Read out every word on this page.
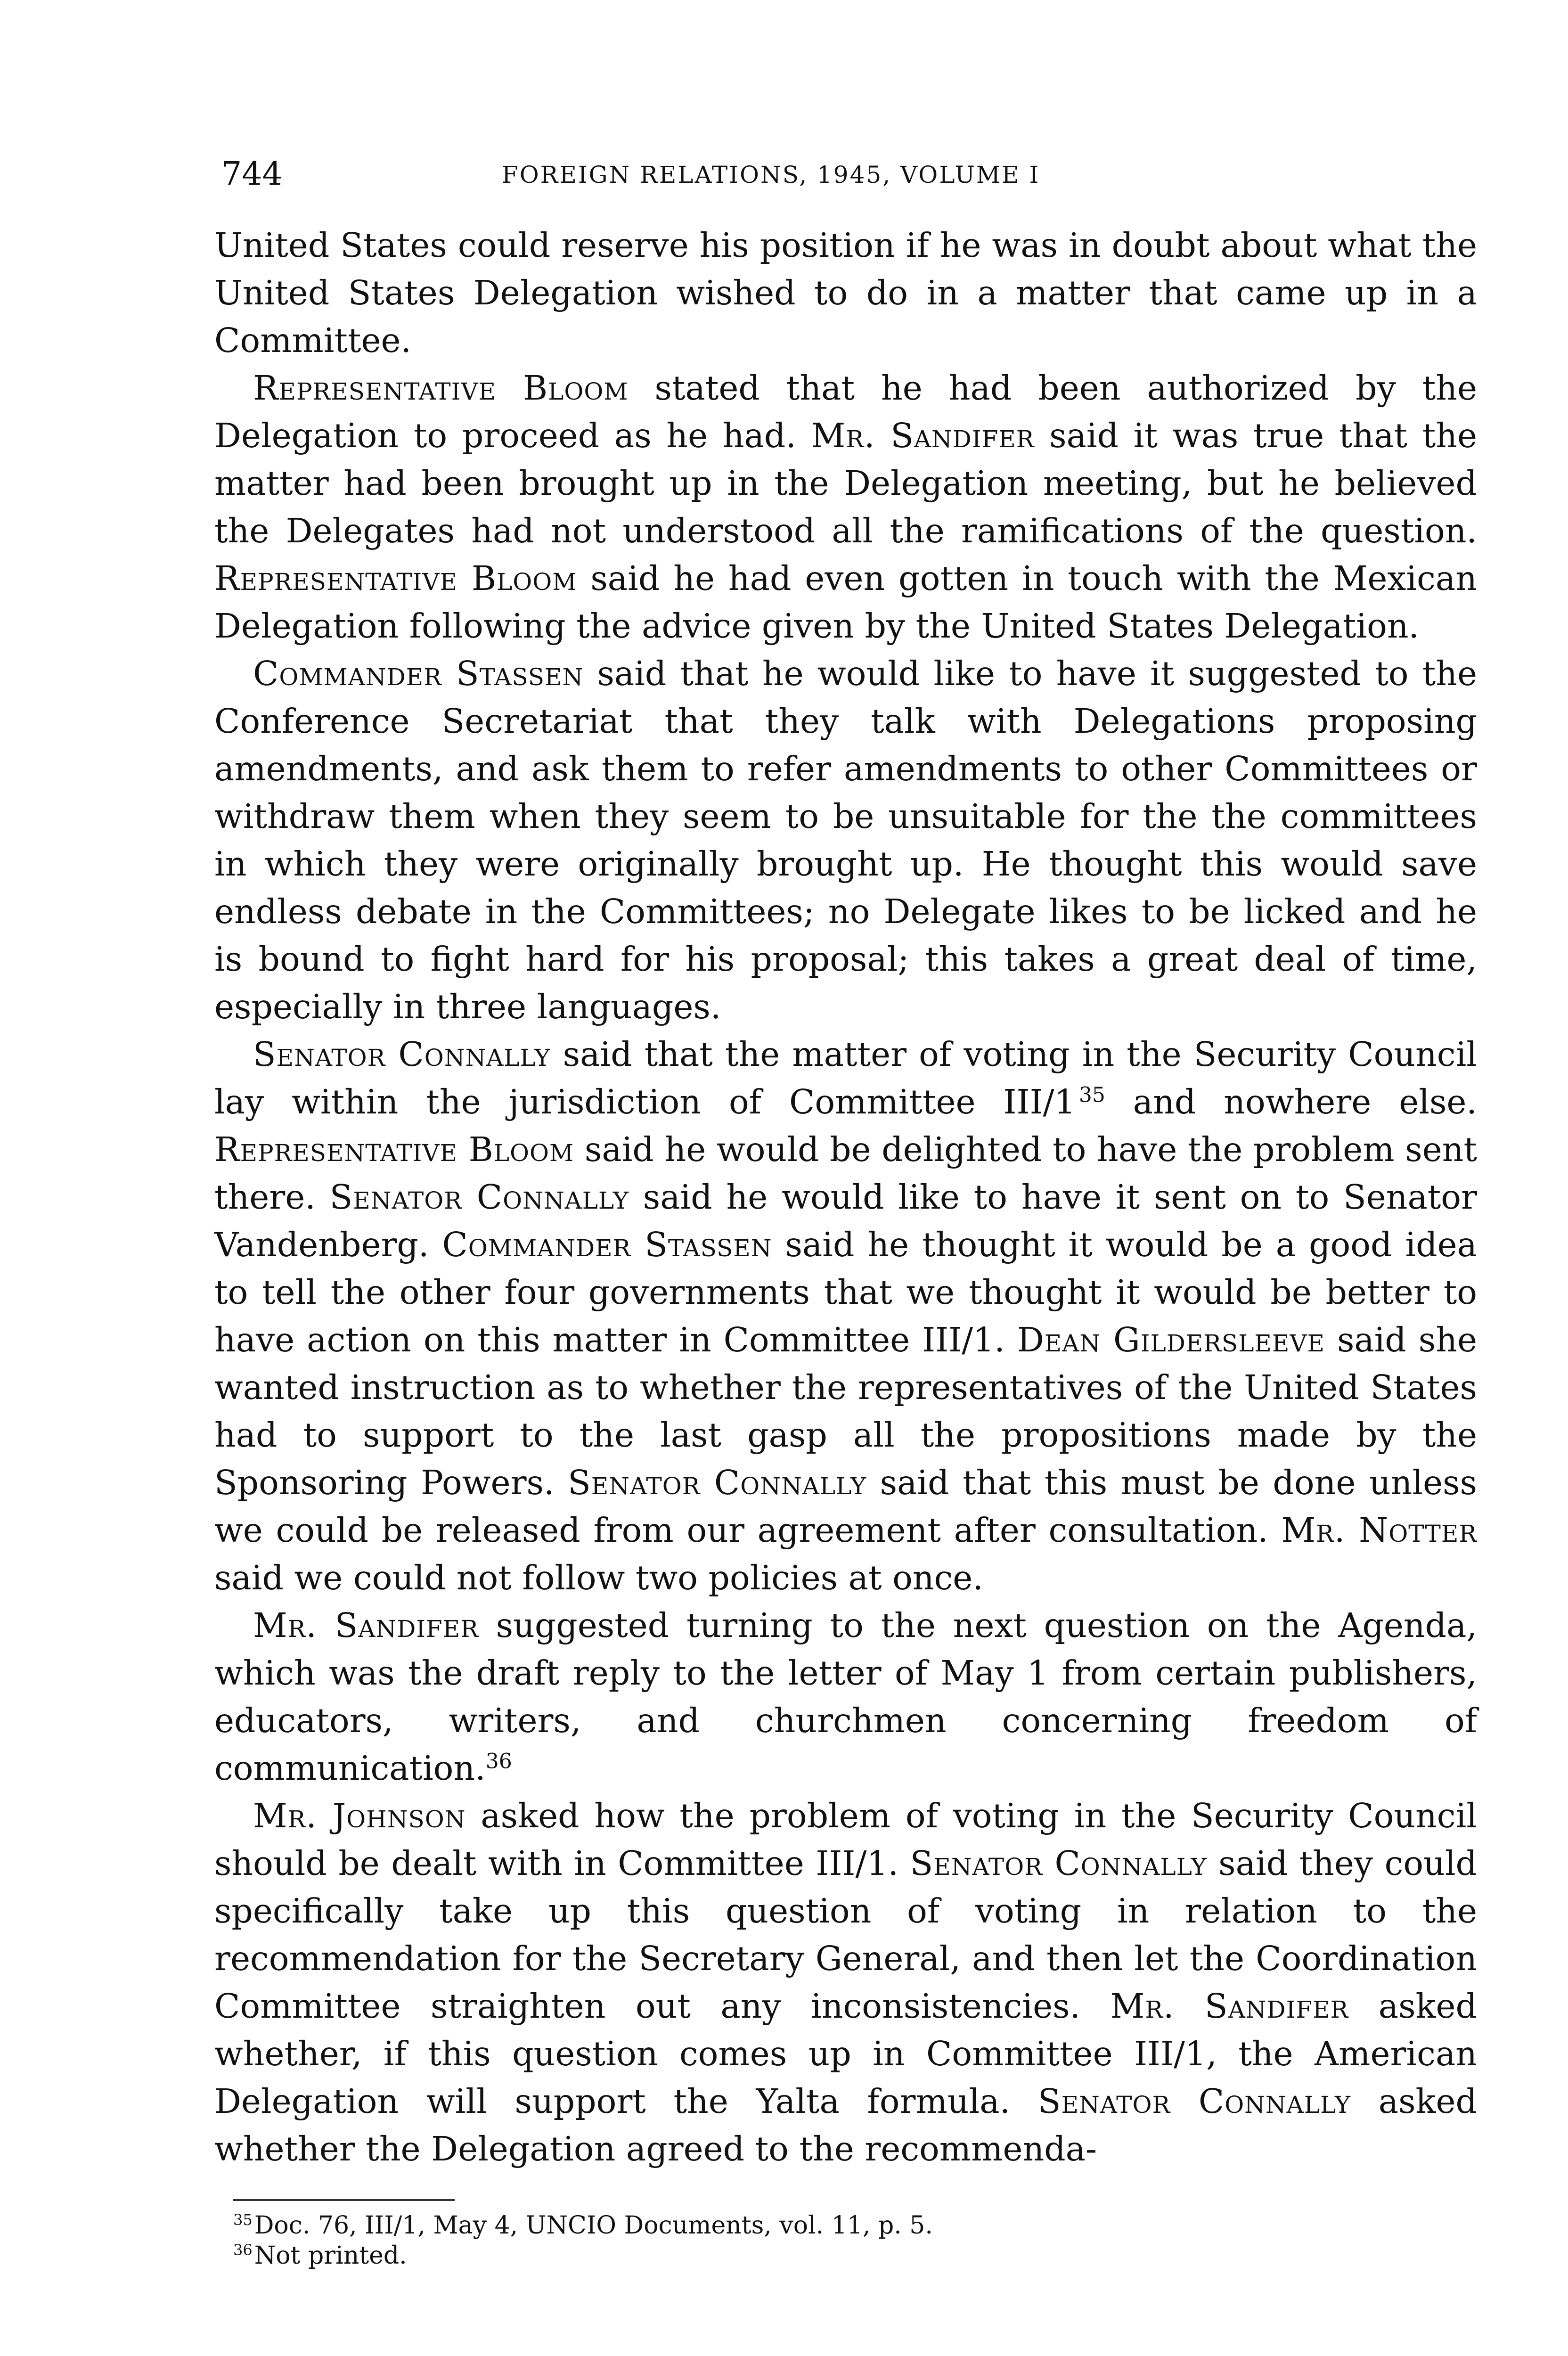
744	FOREIGN RELATIONS, 1945, VOLUME I

United States could reserve his position if he was in doubt about what the United States Delegation wished to do in a matter that came up in a Committee.

Representative Bloom stated that he had been authorized by the Delegation to proceed as he had. Mr. Sandifer said it was true that the matter had been brought up in the Delegation meeting, but he believed the Delegates had not understood all the ramifications of the question. Representative Bloom said he had even gotten in touch with the Mexican Delegation following the advice given by the United States Delegation.

Commander Stassen said that he would like to have it suggested to the Conference Secretariat that they talk with Delegations proposing amendments, and ask them to refer amendments to other Committees or withdraw them when they seem to be unsuitable for the the committees in which they were originally brought up. He thought this would save endless debate in the Committees; no Delegate likes to be licked and he is bound to fight hard for his proposal; this takes a great deal of time, especially in three languages.

Senator Connally said that the matter of voting in the Security Council lay within the jurisdiction of Committee III/1  $^{35}$ and nowhere else. Representative Bloom said he would be delighted to have the problem sent there. Senator Connally said he would like to have it sent on to Senator Vandenberg. Commander Stassen said he thought it would be a good idea to tell the other four governments that we thought it would be better to have action on this matter in Committee III/1. Dean Gildersleeve said she wanted instruction as to whether the representatives of the United States had to support to the last gasp all the propositions made by the Sponsoring Powers. Senator Connally said that this must be done unless we could be released from our agreement after consultation. Mr. Notter said we could not follow two policies at once.

Mr. Sandifer suggested turning to the next question on the Agenda, which was the draft reply to the letter of May 1 from certain publishers, educators, writers, and churchmen concerning freedom of communication.$^{36}$

Mr. Johnson asked how the problem of voting in the Security Council should be dealt with in Committee III/1. Senator Connally said they could specifically take up this question of voting in relation to the recommendation for the Secretary General, and then let the Coordination Committee straighten out any inconsistencies. Mr. Sandifer asked whether, if this question comes up in Committee III/1, the American Delegation will support the Yalta formula. Senator Connally asked whether the Delegation agreed to the recommenda-

$^{35}$Doc. 76, III/1, May 4, UNCIO Documents, vol. 11, p. 5.
$^{36}$Not printed.
